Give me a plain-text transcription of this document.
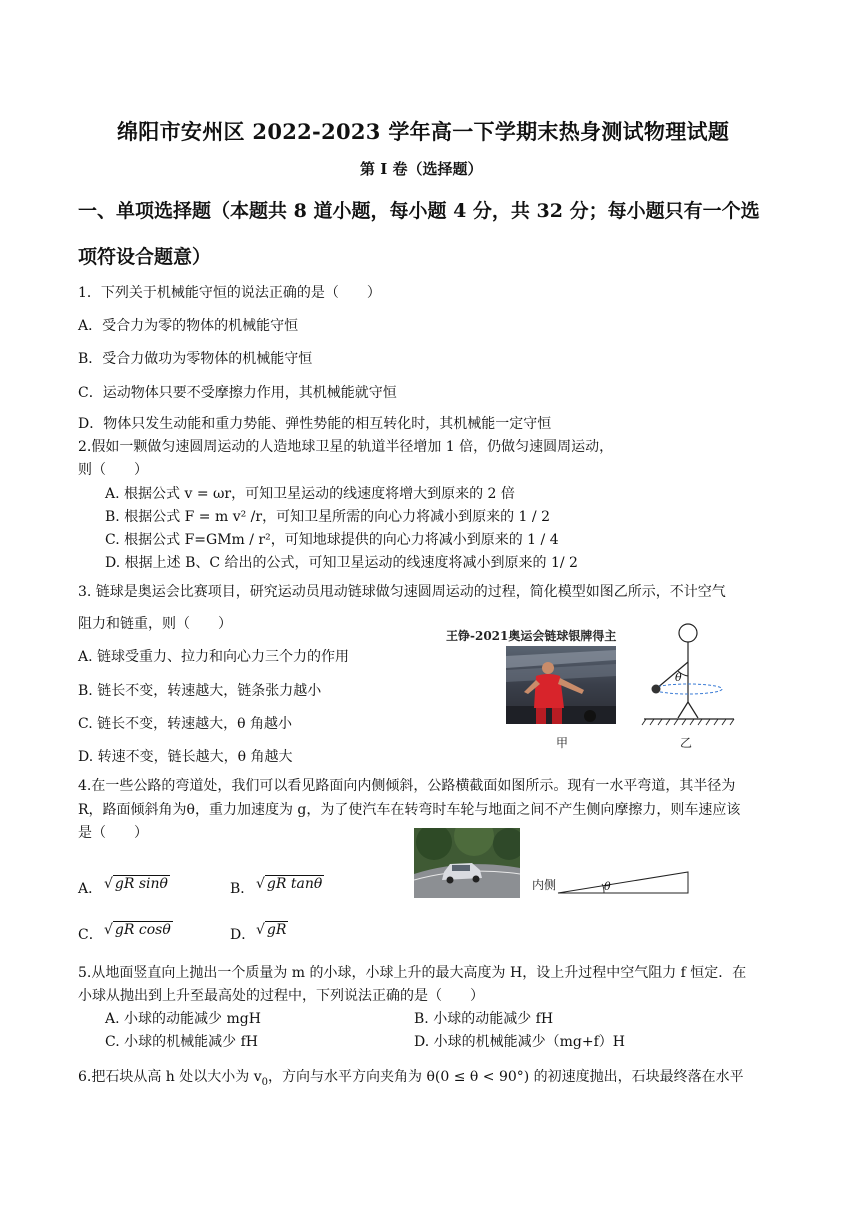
绵阳市安州区 2022-2023 学年高一下学期末热身测试物理试题
第 I 卷（选择题）
一、单项选择题（本题共 8 道小题，每小题 4 分，共 32 分；每小题只有一个选
项符设合题意）
1．下列关于机械能守恒的说法正确的是（　　）
A．受合力为零的物体的机械能守恒
B．受合力做功为零物体的机械能守恒
C．运动物体只要不受摩擦力作用，其机械能就守恒
D．物体只发生动能和重力势能、弹性势能的相互转化时，其机械能一定守恒
2.假如一颗做匀速圆周运动的人造地球卫星的轨道半径增加 1 倍，仍做匀速圆周运动，
则（　　）
A. 根据公式 v = ωr，可知卫星运动的线速度将增大到原来的 2 倍
B. 根据公式 F = m v² /r，可知卫星所需的向心力将减小到原来的 1 / 2
C. 根据公式 F=GMm / r²，可知地球提供的向心力将减小到原来的 1 / 4
D. 根据上述 B、C 给出的公式，可知卫星运动的线速度将减小到原来的 1/ 2
3. 链球是奥运会比赛项目，研究运动员甩动链球做匀速圆周运动的过程，简化模型如图乙所示，不计空气
阻力和链重，则（　　）
A. 链球受重力、拉力和向心力三个力的作用
B. 链长不变，转速越大，链条张力越小
C. 链长不变，转速越大，θ 角越小
D. 转速不变，链长越大，θ 角越大
王铮-2021奥运会链球银牌得主
甲
θ
乙
4.在一些公路的弯道处，我们可以看见路面向内侧倾斜，公路横截面如图所示。现有一水平弯道，其半径为
R，路面倾斜角为θ，重力加速度为 g，为了使汽车在转弯时车轮与地面之间不产生侧向摩擦力，则车速应该
是（　　）
内侧	θ
A． √ gR sinθ	B． √ gR tanθ
C． √ gR cosθ	D． √ gR
5.从地面竖直向上抛出一个质量为 m 的小球，小球上升的最大高度为 H，设上升过程中空气阻力 f 恒定．在
小球从抛出到上升至最高处的过程中，下列说法正确的是（　　）
A. 小球的动能减少 mgH	B. 小球的动能减少 fH
C. 小球的机械能减少 fH	D. 小球的机械能减少（mg+f）H
6.把石块从高 h 处以大小为 $v_0$，方向与水平方向夹角为 θ(0 ≤ θ < 90°) 的初速度抛出，石块最终落在水平
